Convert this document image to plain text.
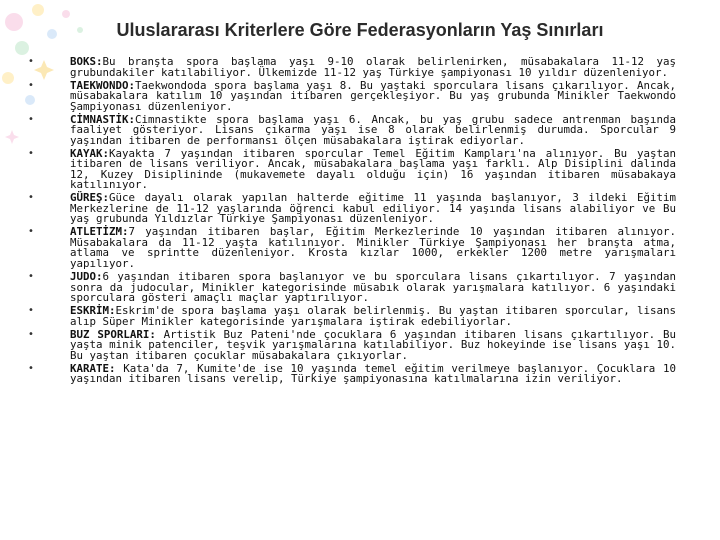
Uluslararası Kriterlere Göre Federasyonların Yaş Sınırları
•	BOKS:Bu branşta spora başlama yaşı 9-10 olarak belirlenirken, müsabakalara 11-12 yaş grubundakiler katılabiliyor. Ülkemizde 11-12 yaş Türkiye şampiyonası 10 yıldır düzenleniyor.
•	TAEKWONDO:Taekwondoda spora başlama yaşı 8. Bu yaştaki sporculara lisans çıkarılıyor. Ancak, müsabakalara katılım 10 yaşından itibaren gerçekleşiyor. Bu yaş grubunda Minikler Taekwondo Şampiyonası düzenleniyor.
•	CİMNASTİK:Cimnastikte spora başlama yaşı 6. Ancak, bu yaş grubu sadece antrenman başında faaliyet gösteriyor. Lisans çıkarma yaşı ise 8 olarak belirlenmiş durumda. Sporcular 9 yaşından itibaren de performansı ölçen müsabakalara iştirak ediyorlar.
•	KAYAK:Kayakta 7 yaşından itibaren sporcular Temel Eğitim Kampları'na alınıyor. Bu yaştan itibaren de lisans veriliyor. Ancak, müsabakalara başlama yaşı farklı. Alp Disiplini dalında 12, Kuzey Disiplininde (mukavemete dayalı olduğu için) 16 yaşından itibaren müsabakaya katılınıyor.
•	GÜREŞ:Güce dayalı olarak yapılan halterde eğitime 11 yaşında başlanıyor, 3 ildeki Eğitim Merkezlerine de 11-12 yaşlarında öğrenci kabul ediliyor. 14 yaşında lisans alabiliyor ve Bu yaş grubunda Yıldızlar Türkiye Şampiyonası düzenleniyor.
•	ATLETİZM:7 yaşından itibaren başlar, Eğitim Merkezlerinde 10 yaşından itibaren alınıyor. Müsabakalara da 11-12 yaşta katılınıyor. Minikler Türkiye Şampiyonası her branşta atma, atlama ve sprintte düzenleniyor. Krosta kızlar 1000, erkekler 1200 metre yarışmaları yapılıyor.
•	JUDO:6 yaşından itibaren spora başlanıyor ve bu sporculara lisans çıkartılıyor. 7 yaşından sonra da judocular, Minikler kategorisinde müsabık olarak yarışmalara katılıyor. 6 yaşındaki sporculara gösteri amaçlı maçlar yaptırılıyor.
•	ESKRİM:Eskrim'de spora başlama yaşı olarak belirlenmiş. Bu yaştan itibaren sporcular, lisans alıp Süper Minikler kategorisinde yarışmalara iştirak edebiliyorlar.
•	BUZ SPORLARI: Artistik Buz Pateni'nde çocuklara 6 yaşından itibaren lisans çıkartılıyor. Bu yaşta minik patenciler, teşvik yarışmalarına katılabiliyor. Buz hokeyinde ise lisans yaşı 10. Bu yaştan itibaren çocuklar müsabakalara çıkıyorlar.
•	KARATE: Kata'da 7, Kumite'de ise 10 yaşında temel eğitim verilmeye başlanıyor. Çocuklara 10 yaşından itibaren lisans verelip, Türkiye şampiyonasına katılmalarına izin veriliyor.
